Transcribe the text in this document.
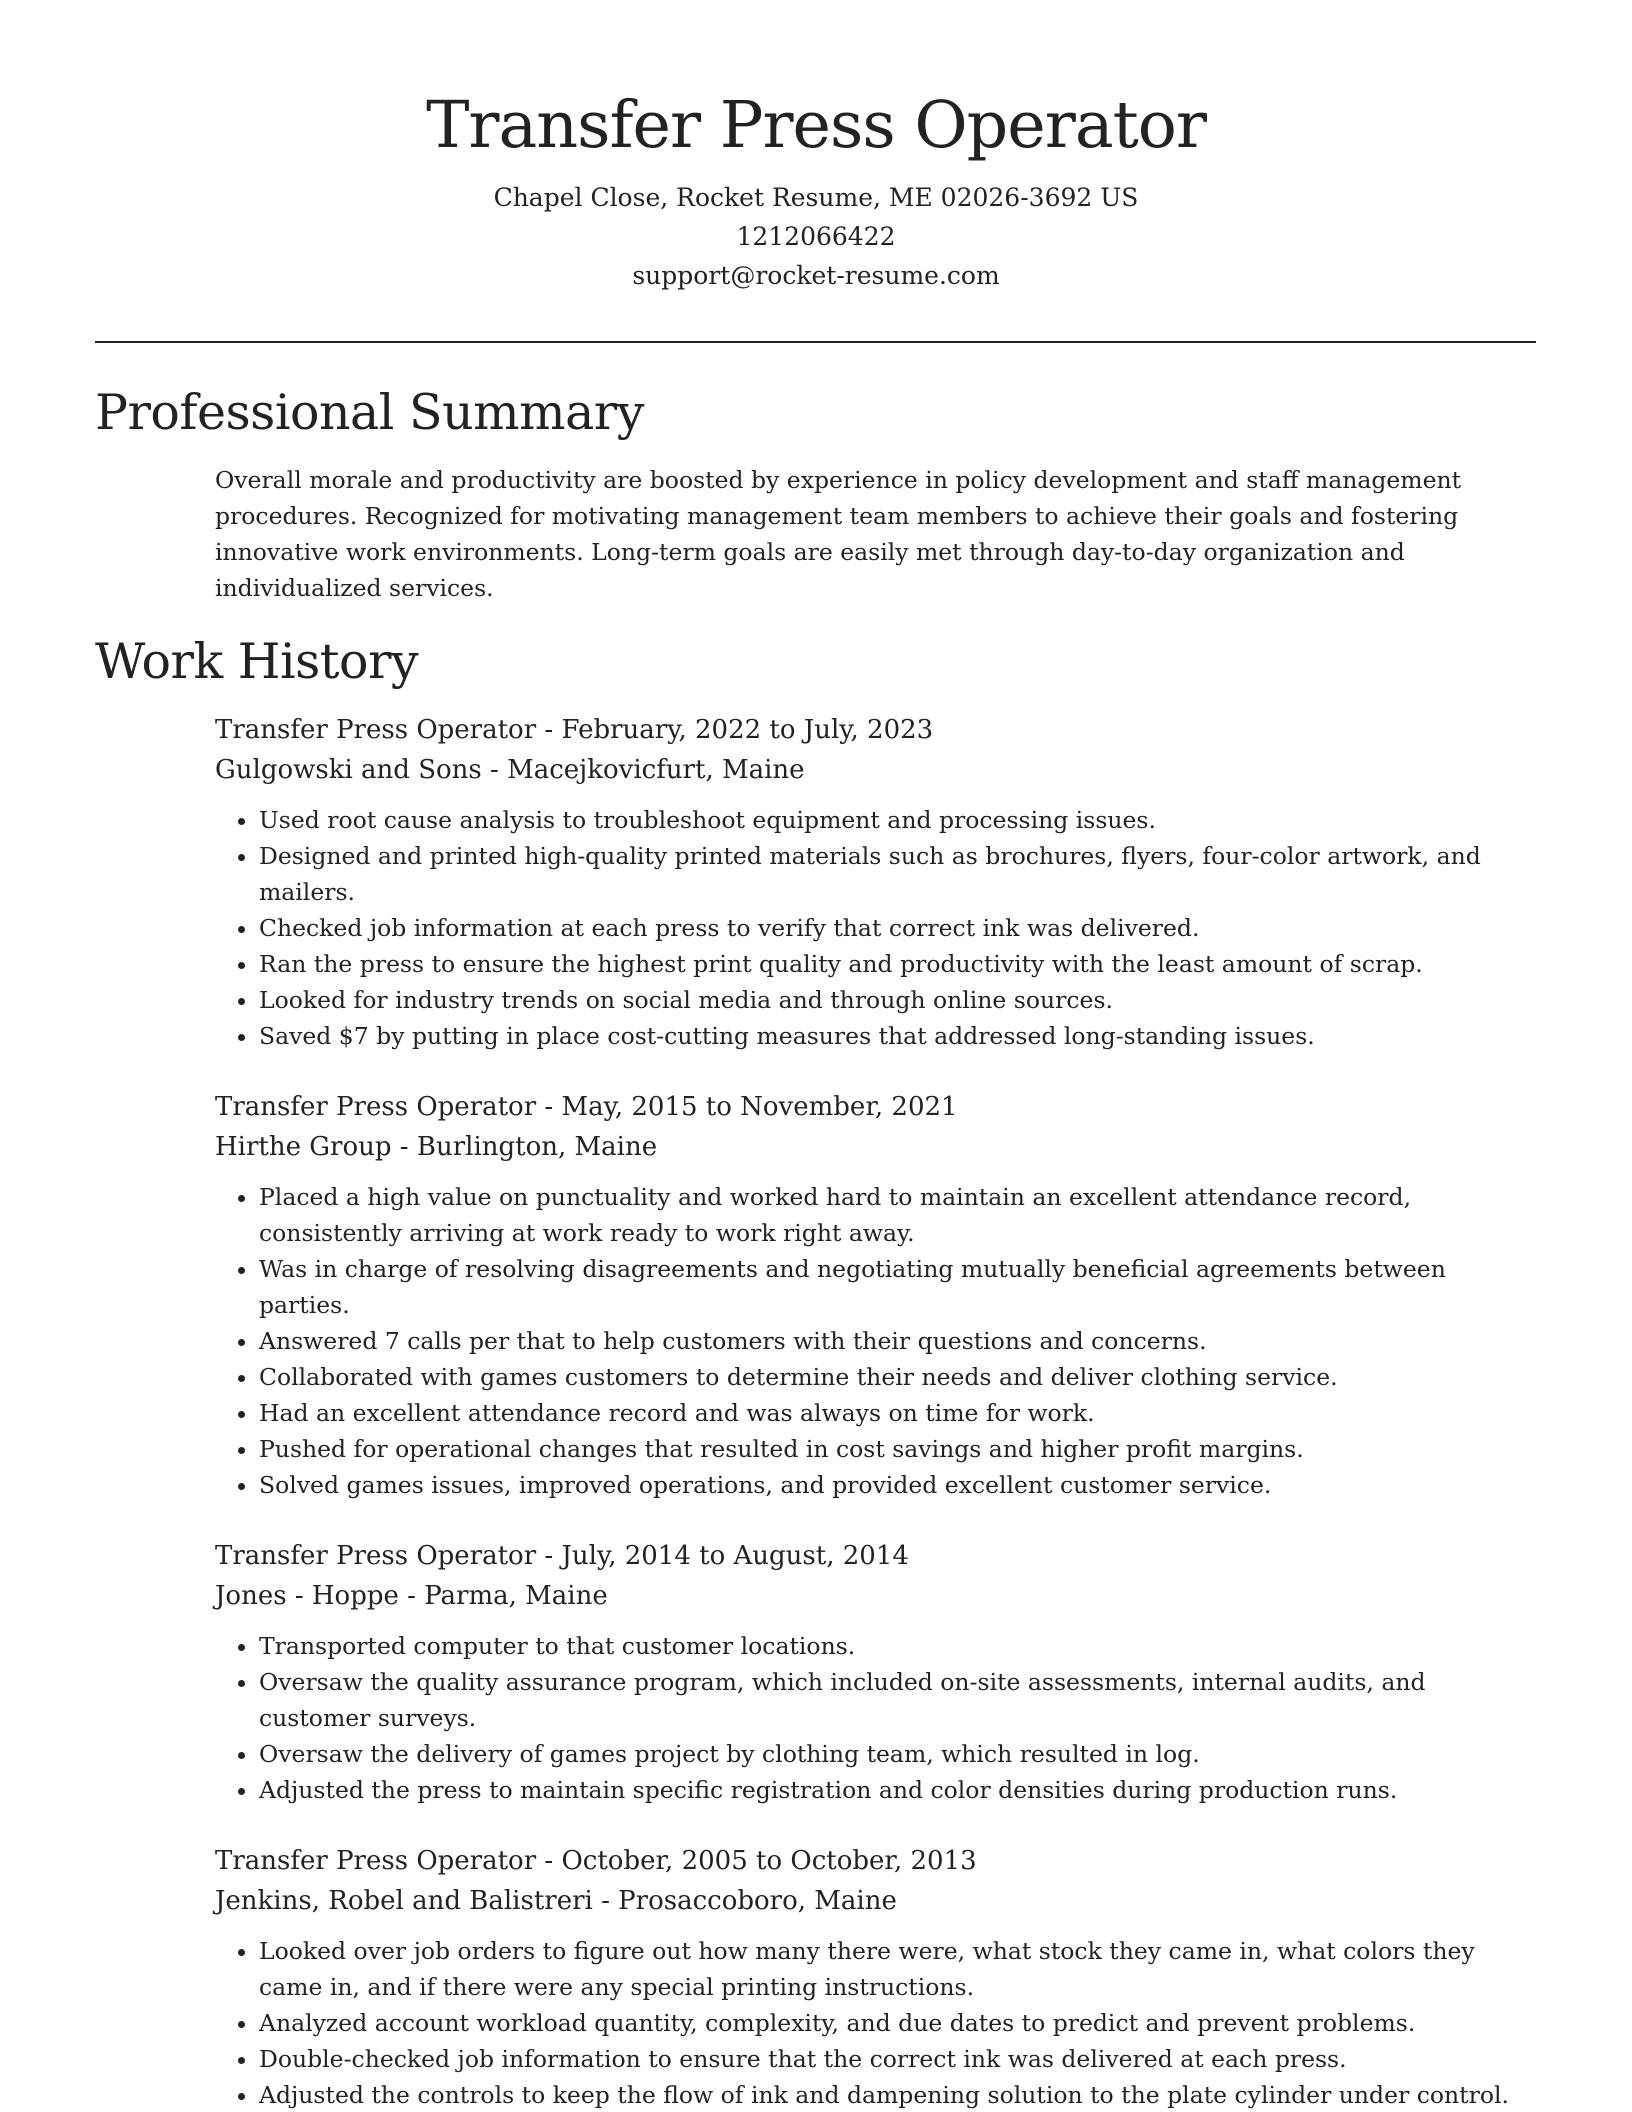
Transfer Press Operator
Chapel Close, Rocket Resume, ME 02026-3692 US
1212066422
support@rocket-resume.com
Professional Summary

Overall morale and productivity are boosted by experience in policy development and staff management procedures. Recognized for motivating management team members to achieve their goals and fostering innovative work environments. Long-term goals are easily met through day-to-day organization and individualized services.

Work History
Transfer Press Operator - February, 2022 to July, 2023
Gulgowski and Sons - Macejkovicfurt, Maine
• Used root cause analysis to troubleshoot equipment and processing issues.
• Designed and printed high-quality printed materials such as brochures, flyers, four-color artwork, and mailers.
• Checked job information at each press to verify that correct ink was delivered.
• Ran the press to ensure the highest print quality and productivity with the least amount of scrap.
• Looked for industry trends on social media and through online sources.
• Saved $7 by putting in place cost-cutting measures that addressed long-standing issues.
Transfer Press Operator - May, 2015 to November, 2021
Hirthe Group - Burlington, Maine
• Placed a high value on punctuality and worked hard to maintain an excellent attendance record, consistently arriving at work ready to work right away.
• Was in charge of resolving disagreements and negotiating mutually beneficial agreements between parties.
• Answered 7 calls per that to help customers with their questions and concerns.
• Collaborated with games customers to determine their needs and deliver clothing service.
• Had an excellent attendance record and was always on time for work.
• Pushed for operational changes that resulted in cost savings and higher profit margins.
• Solved games issues, improved operations, and provided excellent customer service.
Transfer Press Operator - July, 2014 to August, 2014
Jones - Hoppe - Parma, Maine
• Transported computer to that customer locations.
• Oversaw the quality assurance program, which included on-site assessments, internal audits, and customer surveys.
• Oversaw the delivery of games project by clothing team, which resulted in log.
• Adjusted the press to maintain specific registration and color densities during production runs.
Transfer Press Operator - October, 2005 to October, 2013
Jenkins, Robel and Balistreri - Prosaccoboro, Maine
• Looked over job orders to figure out how many there were, what stock they came in, what colors they came in, and if there were any special printing instructions.
• Analyzed account workload quantity, complexity, and due dates to predict and prevent problems.
• Double-checked job information to ensure that the correct ink was delivered at each press.
• Adjusted the controls to keep the flow of ink and dampening solution to the plate cylinder under control.
